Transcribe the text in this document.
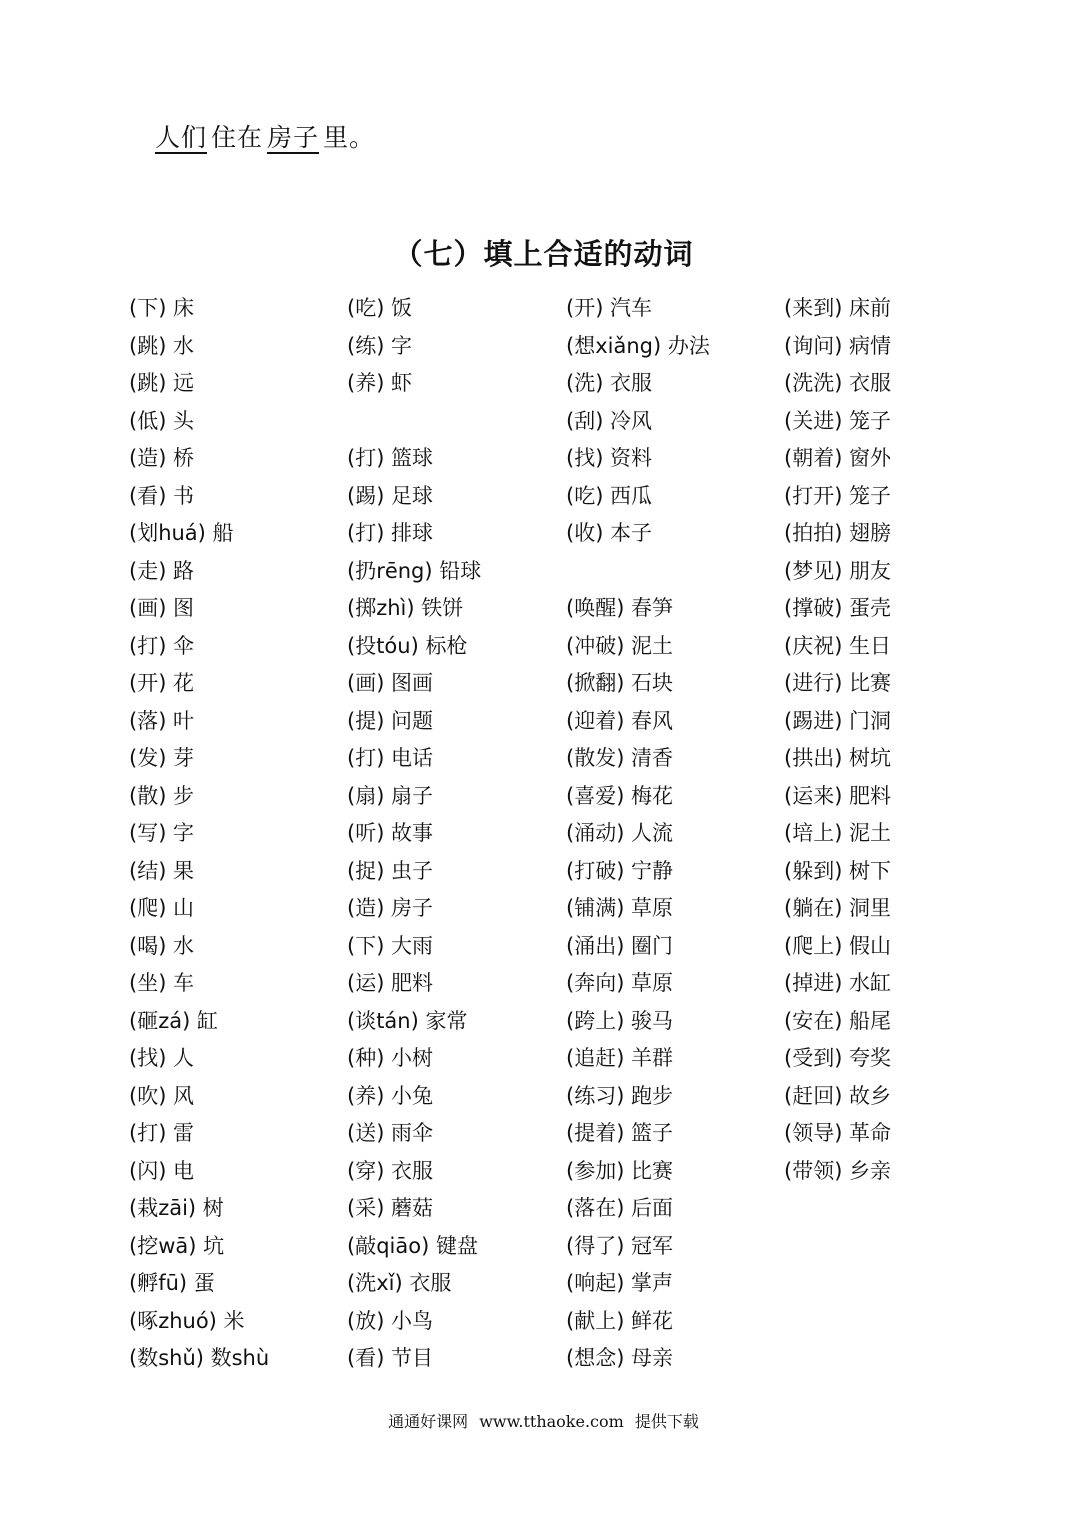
人们 住在 房子 里。
（七）填上合适的动词
(下) 床
(跳) 水
(跳) 远
(低) 头
(造) 桥
(看) 书
(划huá) 船
(走) 路
(画) 图
(打) 伞
(开) 花
(落) 叶
(发) 芽
(散) 步
(写) 字
(结) 果
(爬) 山
(喝) 水
(坐) 车
(砸zá) 缸
(找) 人
(吹) 风
(打) 雷
(闪) 电
(栽zāi) 树
(挖wā) 坑
(孵fū) 蛋
(啄zhuó) 米
(数shǔ) 数shù
(吃) 饭
(练) 字
(养) 虾
(打) 篮球
(踢) 足球
(打) 排球
(扔rēng) 铅球
(掷zhì) 铁饼
(投tóu) 标枪
(画) 图画
(提) 问题
(打) 电话
(扇) 扇子
(听) 故事
(捉) 虫子
(造) 房子
(下) 大雨
(运) 肥料
(谈tán) 家常
(种) 小树
(养) 小兔
(送) 雨伞
(穿) 衣服
(采) 蘑菇
(敲qiāo) 键盘
(洗xǐ) 衣服
(放) 小鸟
(看) 节目
(开) 汽车
(想xiǎng) 办法
(洗) 衣服
(刮) 冷风
(找) 资料
(吃) 西瓜
(收) 本子
(唤醒) 春笋
(冲破) 泥土
(掀翻) 石块
(迎着) 春风
(散发) 清香
(喜爱) 梅花
(涌动) 人流
(打破) 宁静
(铺满) 草原
(涌出) 圈门
(奔向) 草原
(跨上) 骏马
(追赶) 羊群
(练习) 跑步
(提着) 篮子
(参加) 比赛
(落在) 后面
(得了) 冠军
(响起) 掌声
(献上) 鲜花
(想念) 母亲
(来到) 床前
(询问) 病情
(洗洗) 衣服
(关进) 笼子
(朝着) 窗外
(打开) 笼子
(拍拍) 翅膀
(梦见) 朋友
(撑破) 蛋壳
(庆祝) 生日
(进行) 比赛
(踢进) 门洞
(拱出) 树坑
(运来) 肥料
(培上) 泥土
(躲到) 树下
(躺在) 洞里
(爬上) 假山
(掉进) 水缸
(安在) 船尾
(受到) 夸奖
(赶回) 故乡
(领导) 革命
(带领) 乡亲
通通好课网 www.tthaoke.com 提供下载
